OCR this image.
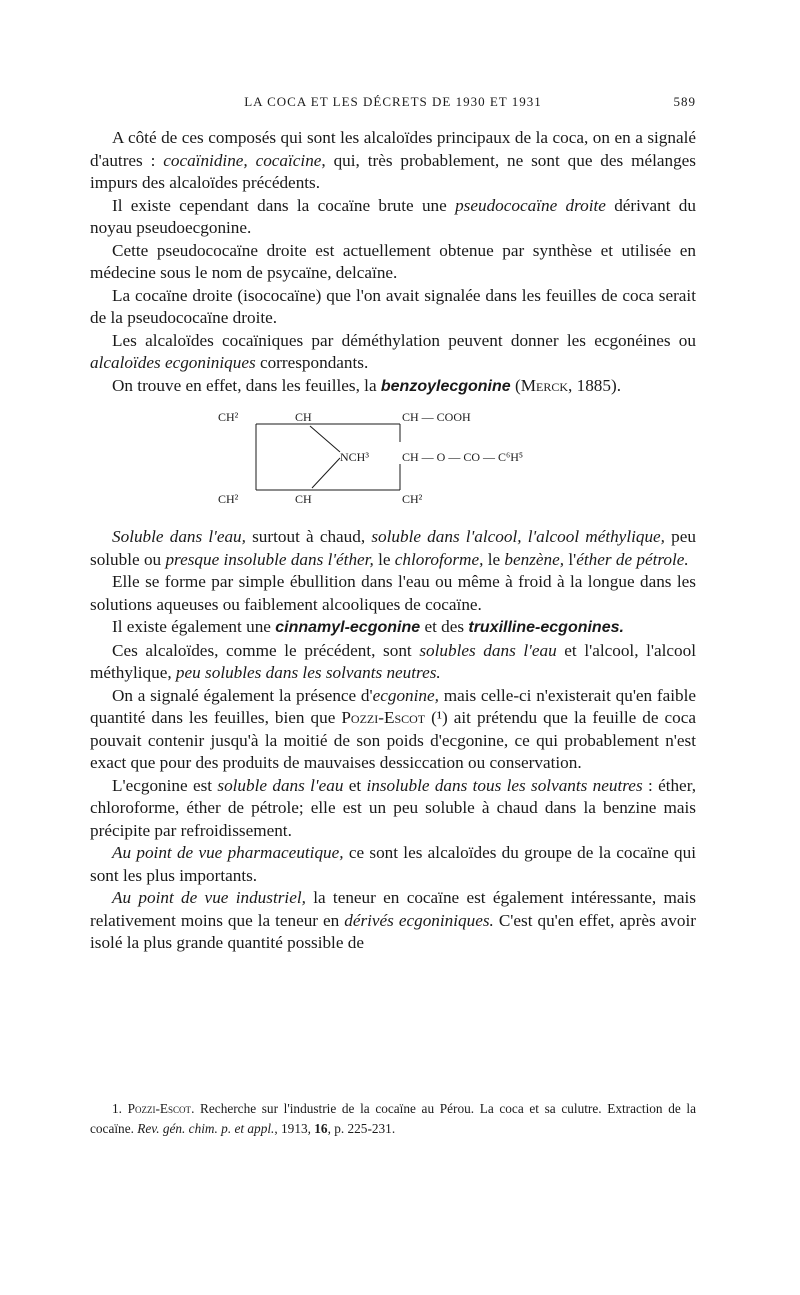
LA COCA ET LES DÉCRETS DE 1930 ET 1931	589

A côté de ces composés qui sont les alcaloïdes principaux de la coca, on en a signalé d'autres : cocaïnidine, cocaïcine, qui, très probablement, ne sont que des mélanges impurs des alcaloïdes précédents.

Il existe cependant dans la cocaïne brute une pseudococaïne droite dérivant du noyau pseudoecgonine.

Cette pseudococaïne droite est actuellement obtenue par synthèse et utilisée en médecine sous le nom de psycaïne, delcaïne.

La cocaïne droite (isococaïne) que l'on avait signalée dans les feuilles de coca serait de la pseudococaïne droite.

Les alcaloïdes cocaïniques par déméthylation peuvent donner les ecgonéines ou alcaloïdes ecgoniniques correspondants.

On trouve en effet, dans les feuilles, la benzoylecgonine (Merck, 1885).

CH²	CH	CH — COOH
NCH³	CH — O — CO — C⁶H⁵
CH²	CH	CH²

Soluble dans l'eau, surtout à chaud, soluble dans l'alcool, l'alcool méthylique, peu soluble ou presque insoluble dans l'éther, le chloroforme, le benzène, l'éther de pétrole.

Elle se forme par simple ébullition dans l'eau ou même à froid à la longue dans les solutions aqueuses ou faiblement alcooliques de cocaïne.

Il existe également une cinnamyl-ecgonine et des truxilline-ecgonines.

Ces alcaloïdes, comme le précédent, sont solubles dans l'eau et l'alcool, l'alcool méthylique, peu solubles dans les solvants neutres.

On a signalé également la présence d'ecgonine, mais celle-ci n'existerait qu'en faible quantité dans les feuilles, bien que Pozzi-Escot (¹) ait prétendu que la feuille de coca pouvait contenir jusqu'à la moitié de son poids d'ecgonine, ce qui probablement n'est exact que pour des produits de mauvaises dessiccation ou conservation.

L'ecgonine est soluble dans l'eau et insoluble dans tous les solvants neutres : éther, chloroforme, éther de pétrole; elle est un peu soluble à chaud dans la benzine mais précipite par refroidissement.

Au point de vue pharmaceutique, ce sont les alcaloïdes du groupe de la cocaïne qui sont les plus importants.

Au point de vue industriel, la teneur en cocaïne est également intéressante, mais relativement moins que la teneur en dérivés ecgoniniques. C'est qu'en effet, après avoir isolé la plus grande quantité possible de

1. Pozzi-Escot. Recherche sur l'industrie de la cocaïne au Pérou. La coca et sa culutre. Extraction de la cocaïne. Rev. gén. chim. p. et appl., 1913, 16, p. 225-231.
